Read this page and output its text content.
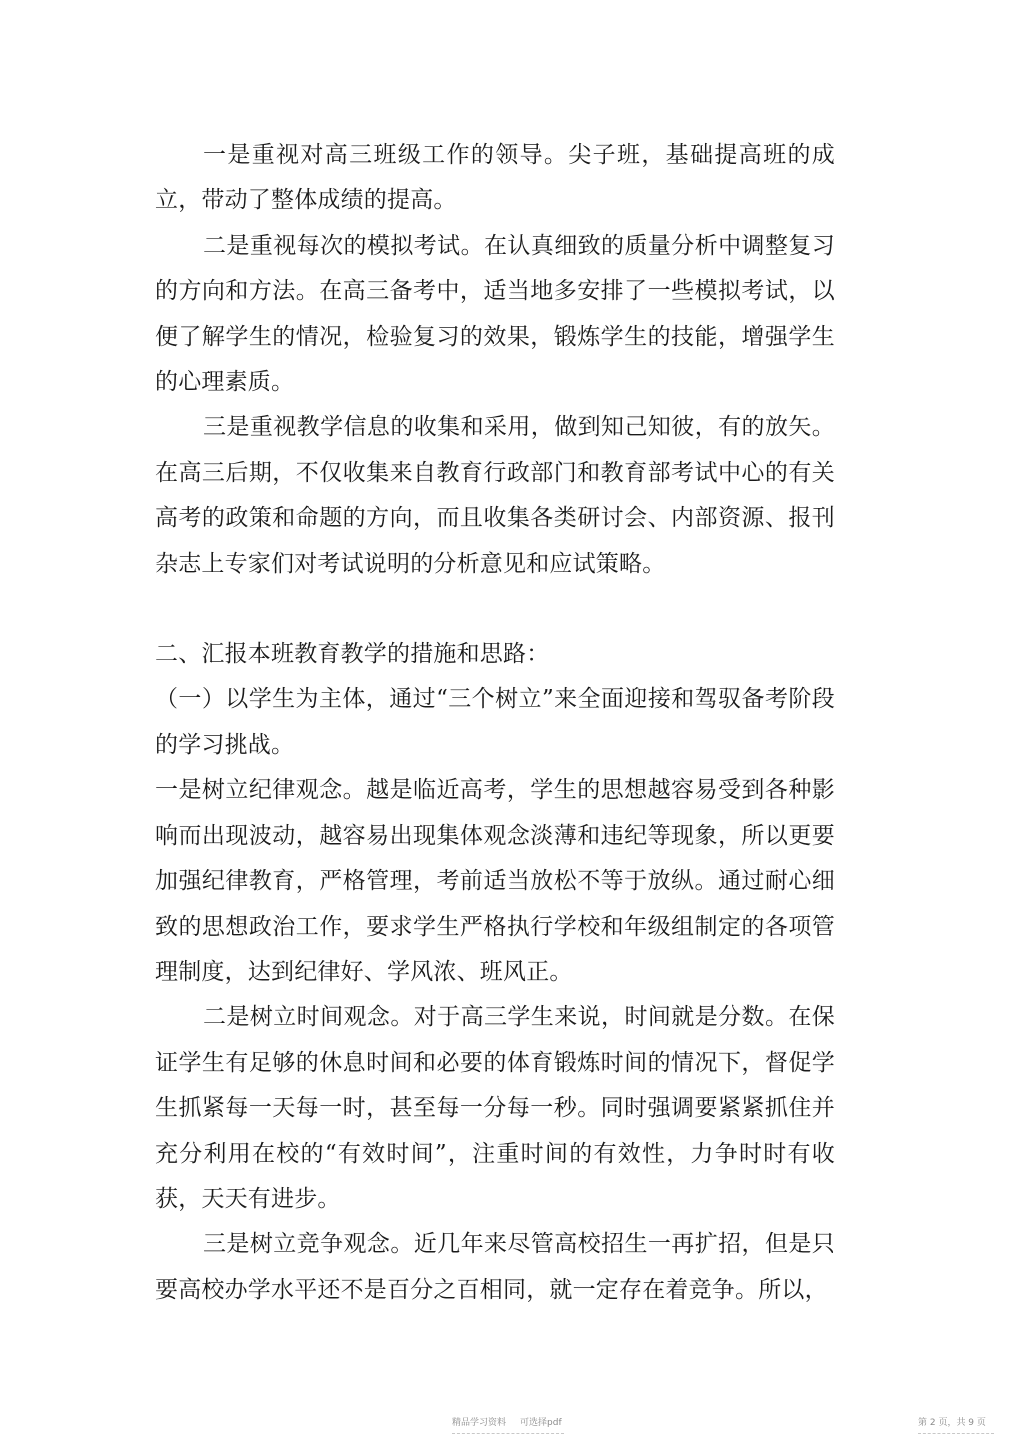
一是重视对高三班级工作的领导。尖子班，基础提高班的成立，带动了整体成绩的提高。

二是重视每次的模拟考试。在认真细致的质量分析中调整复习的方向和方法。在高三备考中，适当地多安排了一些模拟考试，以便了解学生的情况，检验复习的效果，锻炼学生的技能，增强学生的心理素质。

三是重视教学信息的收集和采用，做到知己知彼，有的放矢。在高三后期，不仅收集来自教育行政部门和教育部考试中心的有关高考的政策和命题的方向，而且收集各类研讨会、内部资源、报刊杂志上专家们对考试说明的分析意见和应试策略。

二、汇报本班教育教学的措施和思路：

（一）以学生为主体，通过“三个树立”来全面迎接和驾驭备考阶段的学习挑战。

一是树立纪律观念。越是临近高考，学生的思想越容易受到各种影响而出现波动，越容易出现集体观念淡薄和违纪等现象，所以更要加强纪律教育，严格管理，考前适当放松不等于放纵。通过耐心细致的思想政治工作，要求学生严格执行学校和年级组制定的各项管理制度，达到纪律好、学风浓、班风正。

二是树立时间观念。对于高三学生来说，时间就是分数。在保证学生有足够的休息时间和必要的体育锻炼时间的情况下，督促学生抓紧每一天每一时，甚至每一分每一秒。同时强调要紧紧抓住并充分利用在校的“有效时间”，注重时间的有效性，力争时时有收获，天天有进步。

三是树立竞争观念。近几年来尽管高校招生一再扩招，但是只要高校办学水平还不是百分之百相同，就一定存在着竞争。所以，

精品学习资料 可选择pdf	第 2 页，共 9 页
